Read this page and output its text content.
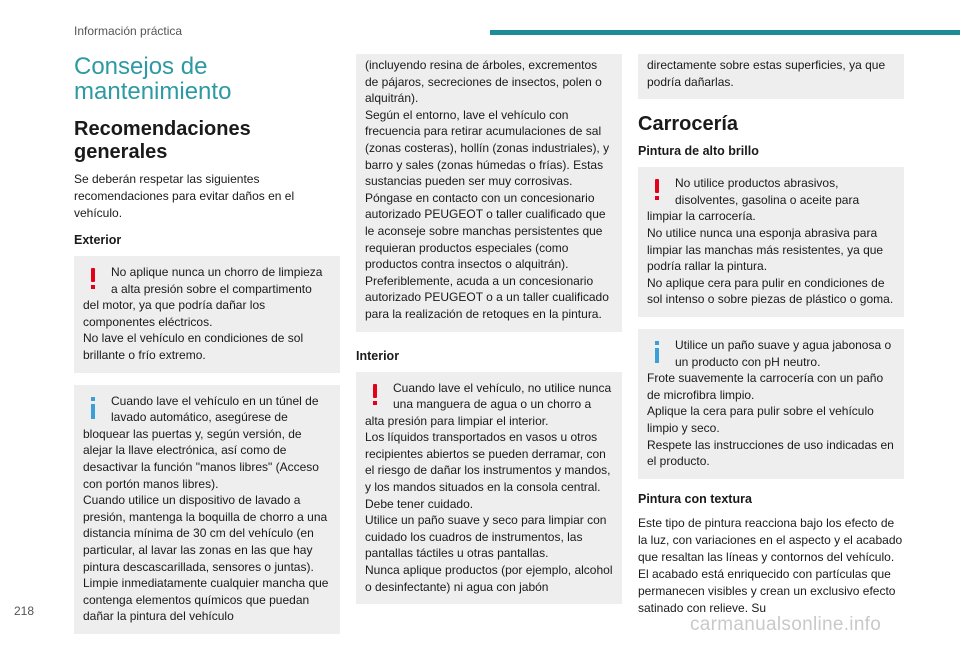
Información práctica
Consejos de mantenimiento
Recomendaciones generales

Se deberán respetar las siguientes recomendaciones para evitar daños en el vehículo.

Exterior
No aplique nunca un chorro de limpieza a alta presión sobre el compartimento del motor, ya que podría dañar los componentes eléctricos.
No lave el vehículo en condiciones de sol brillante o frío extremo.
Cuando lave el vehículo en un túnel de lavado automático, asegúrese de bloquear las puertas y, según versión, de alejar la llave electrónica, así como de desactivar la función "manos libres" (Acceso con portón manos libres).
Cuando utilice un dispositivo de lavado a presión, mantenga la boquilla de chorro a una distancia mínima de 30 cm del vehículo (en particular, al lavar las zonas en las que hay pintura descascarillada, sensores o juntas).
Limpie inmediatamente cualquier mancha que contenga elementos químicos que puedan dañar la pintura del vehículo
(incluyendo resina de árboles, excrementos de pájaros, secreciones de insectos, polen o alquitrán).
Según el entorno, lave el vehículo con frecuencia para retirar acumulaciones de sal (zonas costeras), hollín (zonas industriales), y barro y sales (zonas húmedas o frías). Estas sustancias pueden ser muy corrosivas.
Póngase en contacto con un concesionario autorizado PEUGEOT o taller cualificado que le aconseje sobre manchas persistentes que requieran productos especiales (como productos contra insectos o alquitrán).
Preferiblemente, acuda a un concesionario autorizado PEUGEOT o a un taller cualificado para la realización de retoques en la pintura.
Interior
Cuando lave el vehículo, no utilice nunca una manguera de agua o un chorro a alta presión para limpiar el interior.
Los líquidos transportados en vasos u otros recipientes abiertos se pueden derramar, con el riesgo de dañar los instrumentos y mandos, y los mandos situados en la consola central. Debe tener cuidado.
Utilice un paño suave y seco para limpiar con cuidado los cuadros de instrumentos, las pantallas táctiles u otras pantallas.
Nunca aplique productos (por ejemplo, alcohol o desinfectante) ni agua con jabón
directamente sobre estas superficies, ya que podría dañarlas.
Carrocería
Pintura de alto brillo
No utilice productos abrasivos, disolventes, gasolina o aceite para limpiar la carrocería.
No utilice nunca una esponja abrasiva para limpiar las manchas más resistentes, ya que podría rallar la pintura.
No aplique cera para pulir en condiciones de sol intenso o sobre piezas de plástico o goma.
Utilice un paño suave y agua jabonosa o un producto con pH neutro.
Frote suavemente la carrocería con un paño de microfibra limpio.
Aplique la cera para pulir sobre el vehículo limpio y seco.
Respete las instrucciones de uso indicadas en el producto.
Pintura con textura

Este tipo de pintura reacciona bajo los efecto de la luz, con variaciones en el aspecto y el acabado que resaltan las líneas y contornos del vehículo. El acabado está enriquecido con partículas que permanecen visibles y crean un exclusivo efecto satinado con relieve. Su

218
carmanualsonline.info
